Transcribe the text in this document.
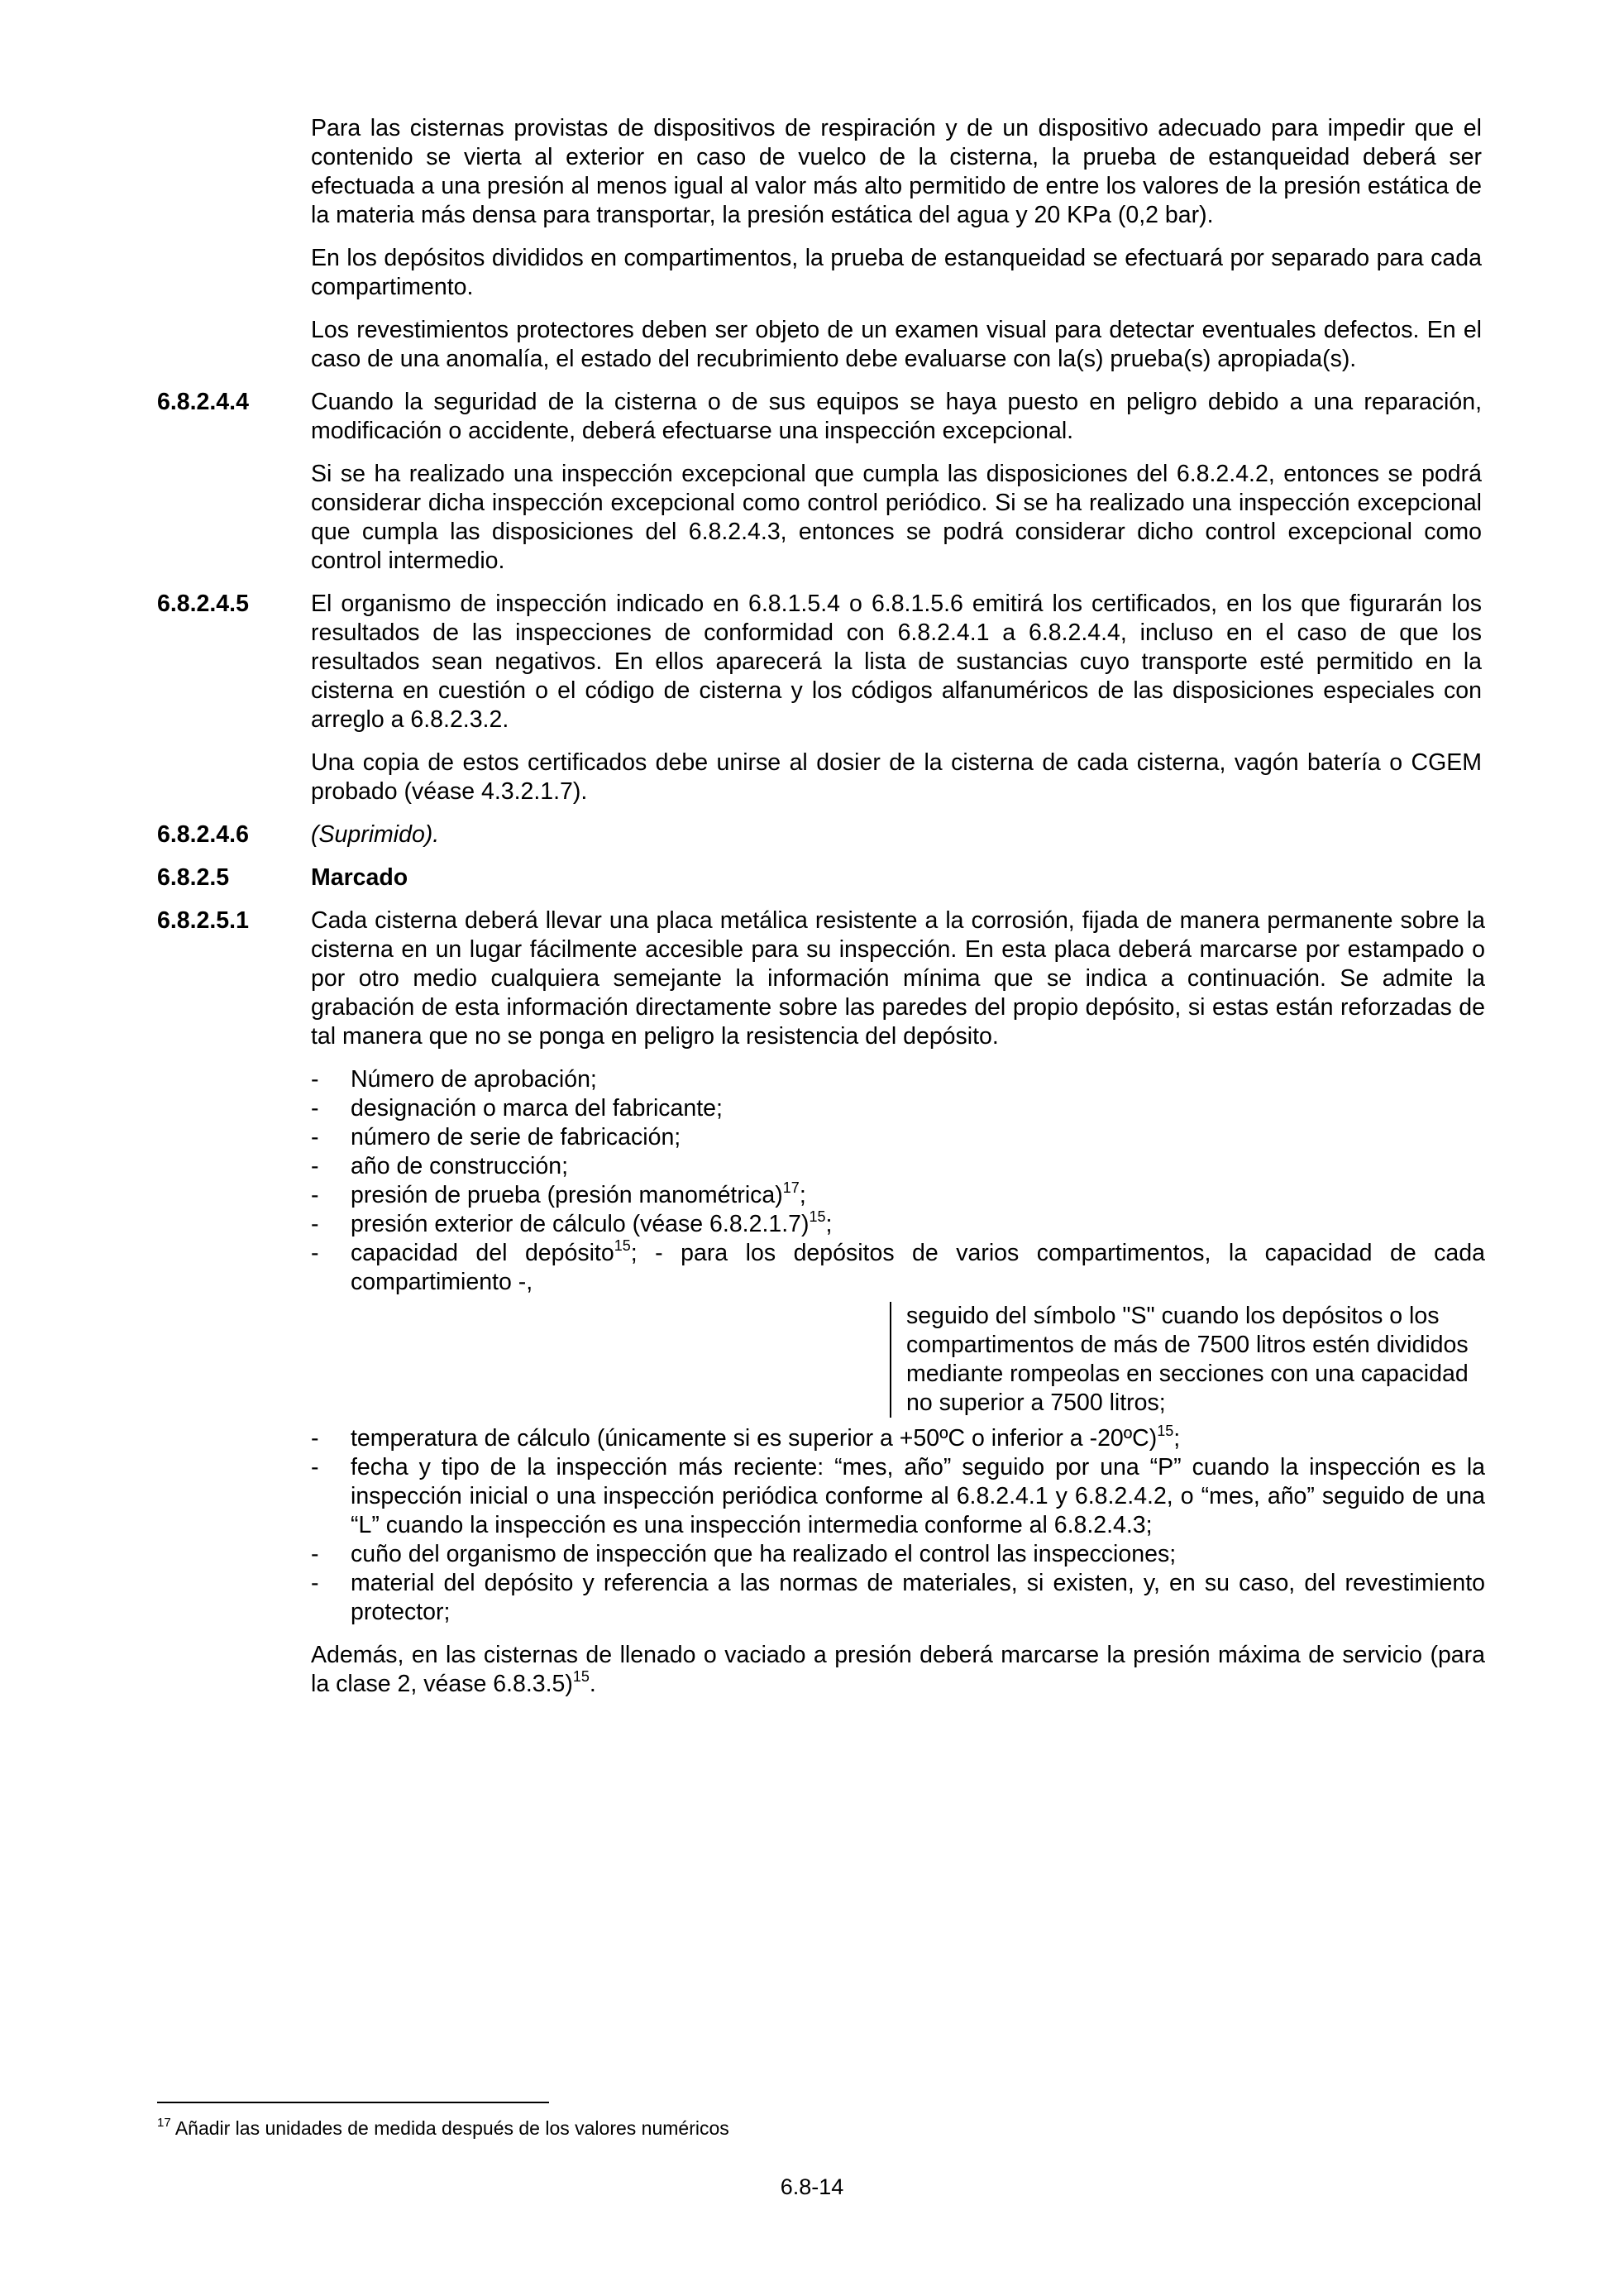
Para las cisternas provistas de dispositivos de respiración y de un dispositivo adecuado para impedir que el contenido se vierta al exterior en caso de vuelco de la cisterna, la prueba de estanqueidad deberá ser efectuada a una presión al menos igual al valor más alto permitido de entre los valores de la presión estática de la materia más densa para transportar, la presión estática del agua y 20 KPa (0,2 bar).

En los depósitos divididos en compartimentos, la prueba de estanqueidad se efectuará por separado para cada compartimento.

Los revestimientos protectores deben ser objeto de un examen visual para detectar eventuales defectos. En el caso de una anomalía, el estado del recubrimiento debe evaluarse con la(s) prueba(s) apropiada(s).

6.8.2.4.4	Cuando la seguridad de la cisterna o de sus equipos se haya puesto en peligro debido a una reparación, modificación o accidente, deberá efectuarse una inspección excepcional.

Si se ha realizado una inspección excepcional que cumpla las disposiciones del 6.8.2.4.2, entonces se podrá considerar dicha inspección excepcional como control periódico. Si se ha realizado una inspección excepcional que cumpla las disposiciones del 6.8.2.4.3, entonces se podrá considerar dicho control excepcional como control intermedio.

6.8.2.4.5	El organismo de inspección indicado en 6.8.1.5.4 o 6.8.1.5.6 emitirá los certificados, en los que figurarán los resultados de las inspecciones de conformidad con 6.8.2.4.1 a 6.8.2.4.4, incluso en el caso de que los resultados sean negativos. En ellos aparecerá la lista de sustancias cuyo transporte esté permitido en la cisterna en cuestión o el código de cisterna y los códigos alfanuméricos de las disposiciones especiales con arreglo a 6.8.2.3.2.

Una copia de estos certificados debe unirse al dosier de la cisterna de cada cisterna, vagón batería o CGEM probado (véase 4.3.2.1.7).

6.8.2.4.6	(Suprimido).
6.8.2.5	Marcado
6.8.2.5.1	Cada cisterna deberá llevar una placa metálica resistente a la corrosión, fijada de manera permanente sobre la cisterna en un lugar fácilmente accesible para su inspección. En esta placa deberá marcarse por estampado o por otro medio cualquiera semejante la información mínima que se indica a continuación. Se admite la grabación de esta información directamente sobre las paredes del propio depósito, si estas están reforzadas de tal manera que no se ponga en peligro la resistencia del depósito.

-	Número de aprobación;
-	designación o marca del fabricante;
-	número de serie de fabricación;
-	año de construcción;
-	presión de prueba (presión manométrica)$^{17}$;
-	presión exterior de cálculo (véase 6.8.2.1.7)$^{15}$;
-	capacidad del depósito$^{15}$; - para los depósitos de varios compartimentos, la capacidad de cada compartimiento -,
seguido del símbolo "S" cuando los depósitos o los compartimentos de más de 7500 litros estén divididos mediante rompeolas en secciones con una capacidad no superior a 7500 litros;
-	temperatura de cálculo (únicamente si es superior a +50ºC o inferior a -20ºC)$^{15}$;
-	fecha y tipo de la inspección más reciente: “mes, año” seguido por una “P” cuando la inspección es la inspección inicial o una inspección periódica conforme al 6.8.2.4.1 y 6.8.2.4.2, o “mes, año” seguido de una “L” cuando la inspección es una inspección intermedia conforme al 6.8.2.4.3;
-	cuño del organismo de inspección que ha realizado el control las inspecciones;
-	material del depósito y referencia a las normas de materiales, si existen, y, en su caso, del revestimiento protector;

Además, en las cisternas de llenado o vaciado a presión deberá marcarse la presión máxima de servicio (para la clase 2, véase 6.8.3.5)$^{15}$.

$^{17}$ Añadir las unidades de medida después de los valores numéricos
6.8-14
